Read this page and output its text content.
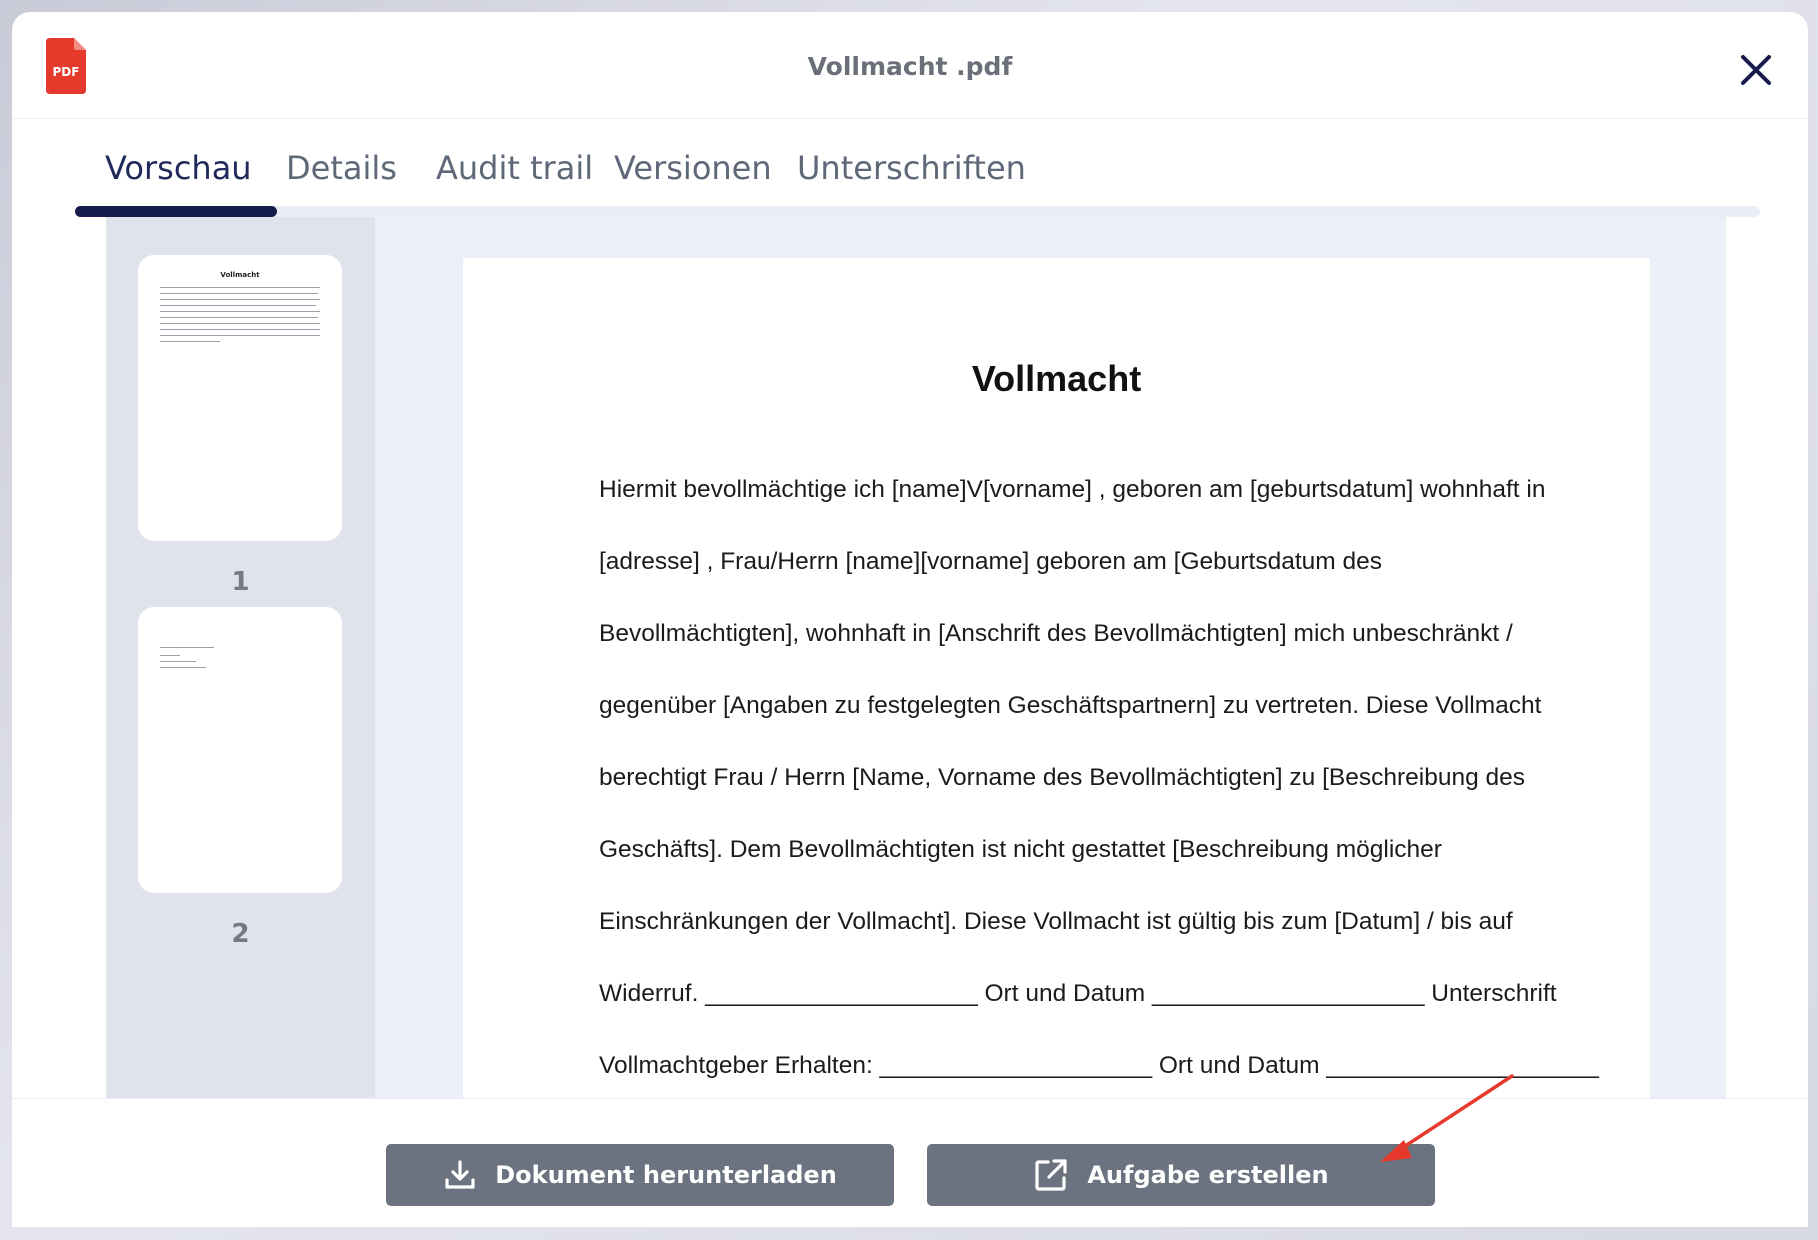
PDF	Vollmacht .pdf
Vorschau Details Audit trail Versionen Unterschriften
Vollmacht
1
2
Vollmacht

Hiermit bevollmächtige ich [name]V[vorname] , geboren am [geburtsdatum] wohnhaft in

[adresse] , Frau/Herrn [name][vorname] geboren am [Geburtsdatum des

Bevollmächtigten], wohnhaft in [Anschrift des Bevollmächtigten] mich unbeschränkt /

gegenüber [Angaben zu festgelegten Geschäftspartnern] zu vertreten. Diese Vollmacht

berechtigt Frau / Herrn [Name, Vorname des Bevollmächtigten] zu [Beschreibung des

Geschäfts]. Dem Bevollmächtigten ist nicht gestattet [Beschreibung möglicher

Einschränkungen der Vollmacht]. Diese Vollmacht ist gültig bis zum [Datum] / bis auf

Widerruf. ____________________ Ort und Datum ____________________ Unterschrift

Vollmachtgeber Erhalten: ____________________ Ort und Datum ____________________

Dokument herunterladen	Aufgabe erstellen
